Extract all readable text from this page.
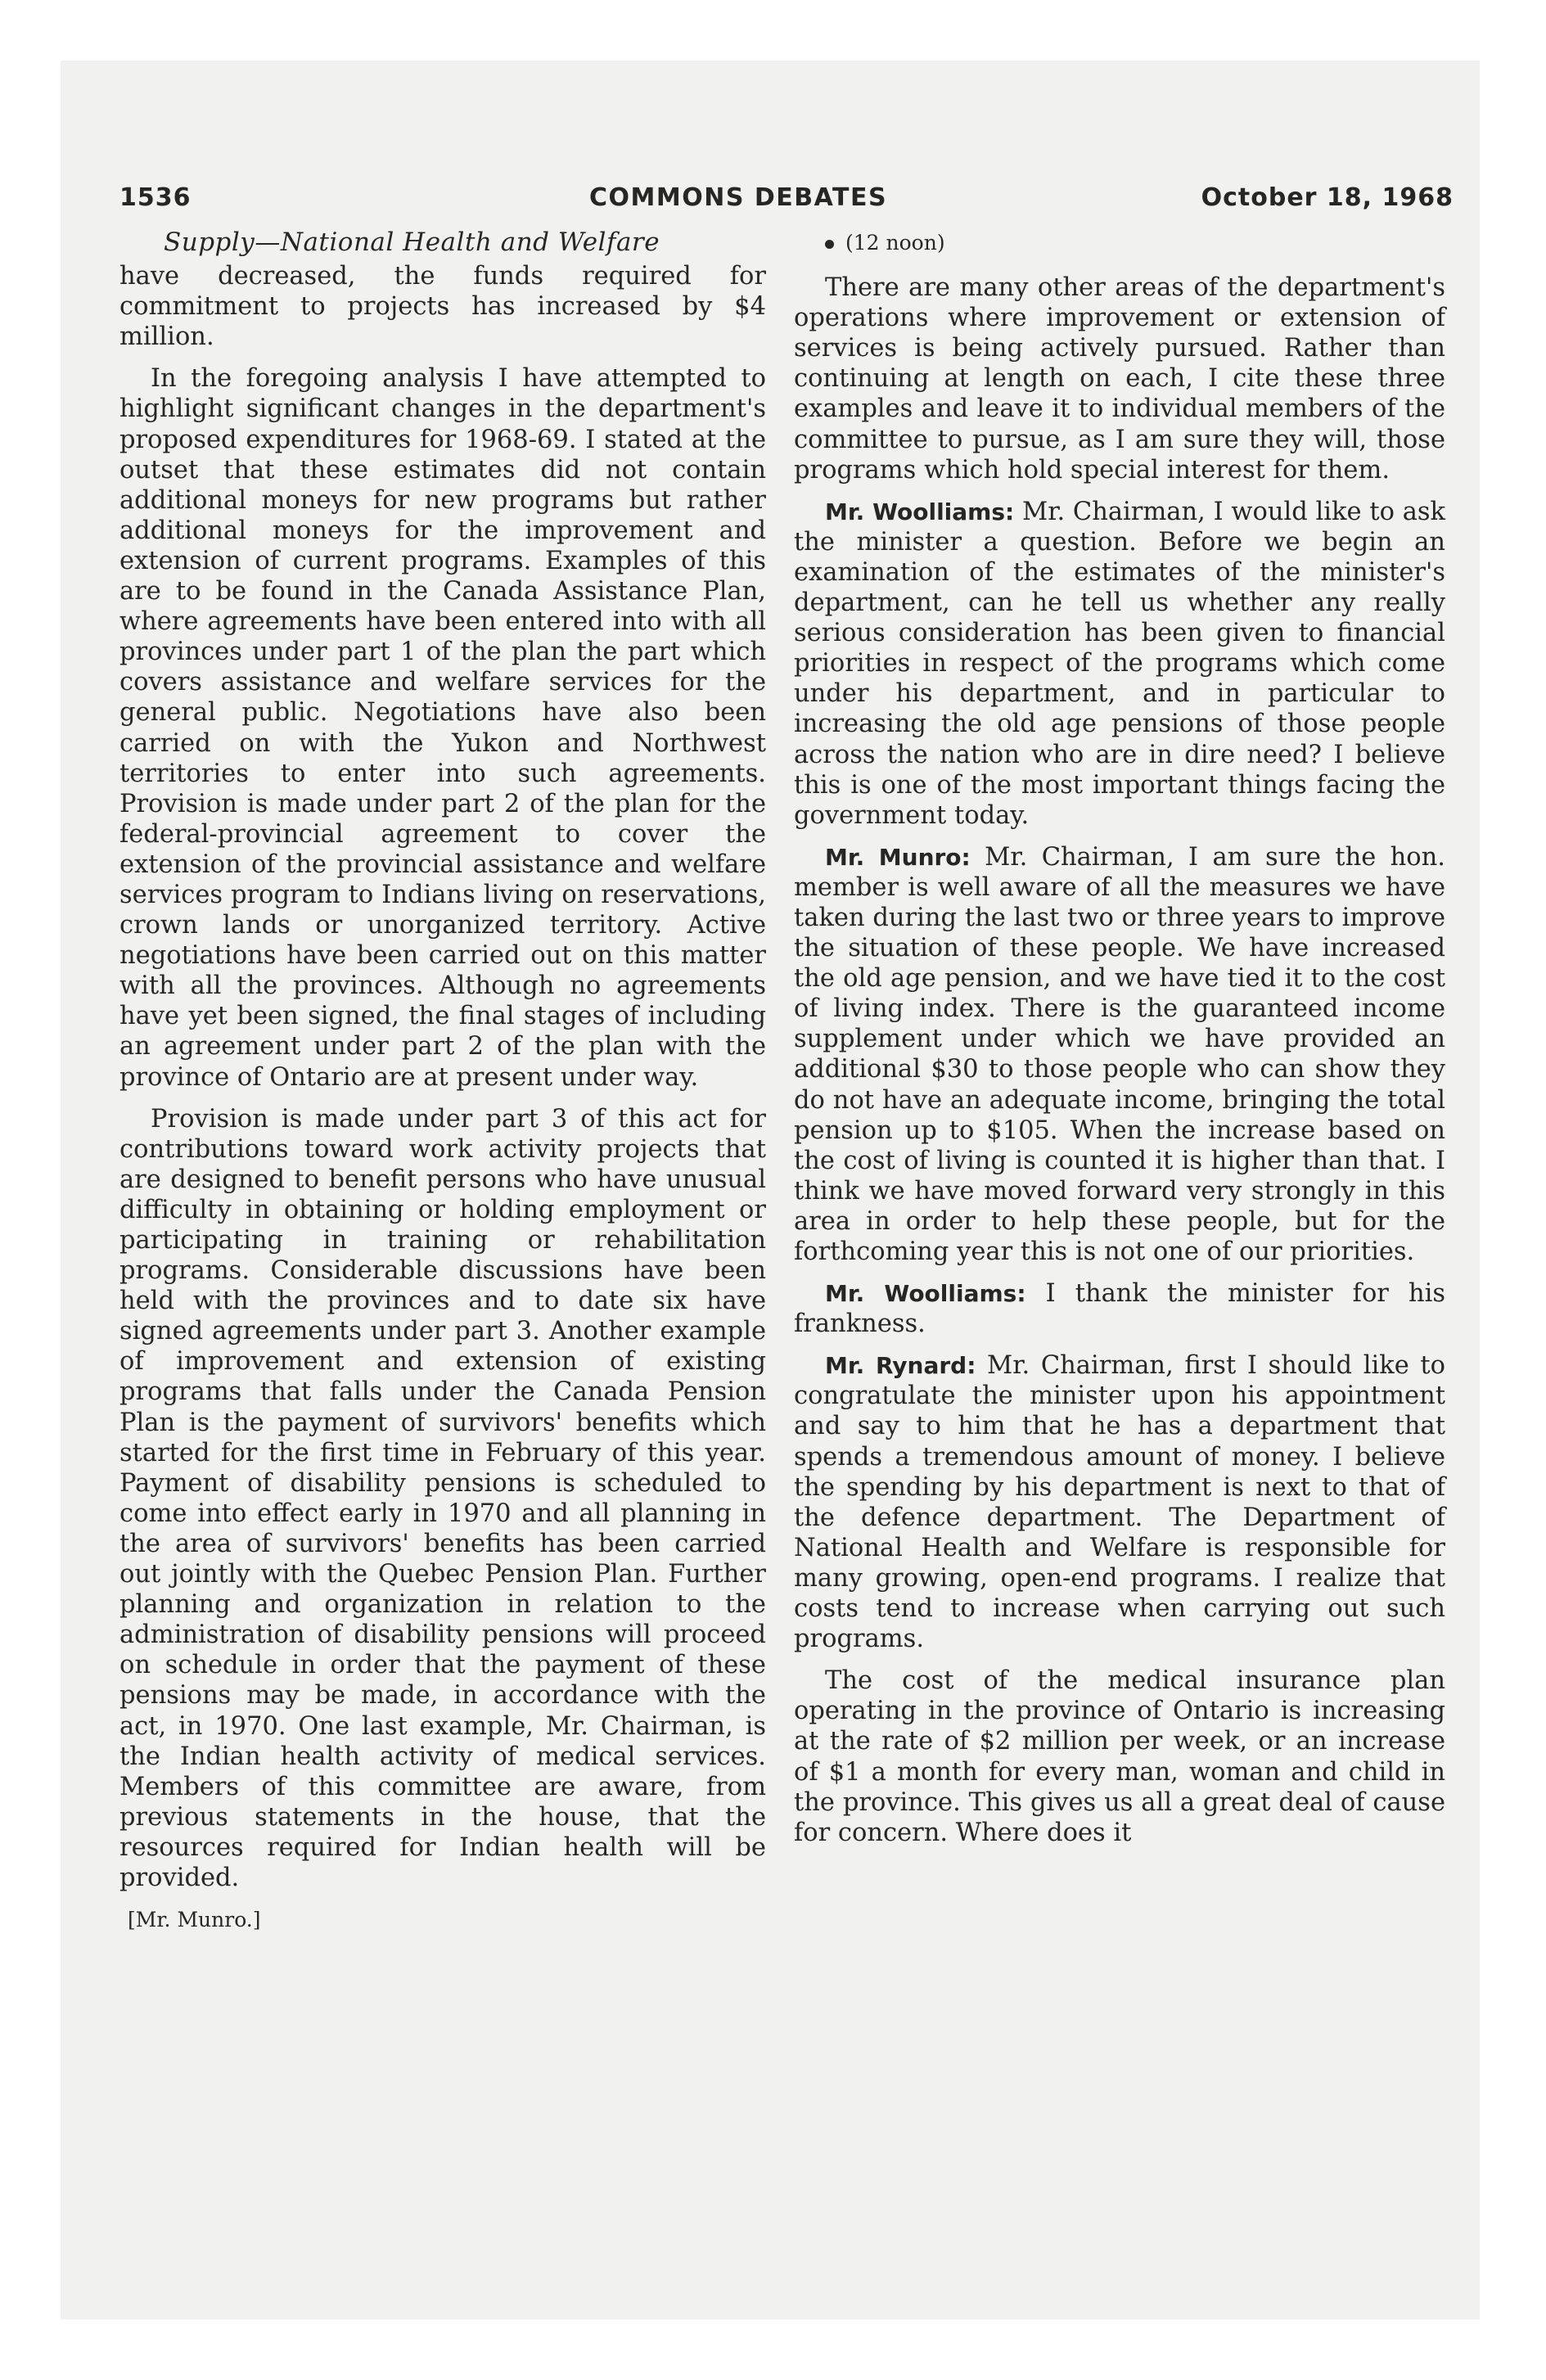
1536	COMMONS DEBATES	October 18, 1968
Supply—National Health and Welfare

have decreased, the funds required for commitment to projects has increased by $4 million.

In the foregoing analysis I have attempted to highlight significant changes in the department's proposed expenditures for 1968-69. I stated at the outset that these estimates did not contain additional moneys for new programs but rather additional moneys for the improvement and extension of current programs. Examples of this are to be found in the Canada Assistance Plan, where agreements have been entered into with all provinces under part 1 of the plan the part which covers assistance and welfare services for the general public. Negotiations have also been carried on with the Yukon and Northwest territories to enter into such agreements. Provision is made under part 2 of the plan for the federal-provincial agreement to cover the extension of the provincial assistance and welfare services program to Indians living on reservations, crown lands or unorganized territory. Active negotiations have been carried out on this matter with all the provinces. Although no agreements have yet been signed, the final stages of including an agreement under part 2 of the plan with the province of Ontario are at present under way.

Provision is made under part 3 of this act for contributions toward work activity projects that are designed to benefit persons who have unusual difficulty in obtaining or holding employment or participating in training or rehabilitation programs. Considerable discussions have been held with the provinces and to date six have signed agreements under part 3. Another example of improvement and extension of existing programs that falls under the Canada Pension Plan is the payment of survivors' benefits which started for the first time in February of this year. Payment of disability pensions is scheduled to come into effect early in 1970 and all planning in the area of survivors' benefits has been carried out jointly with the Quebec Pension Plan. Further planning and organization in relation to the administration of disability pensions will proceed on schedule in order that the payment of these pensions may be made, in accordance with the act, in 1970. One last example, Mr. Chairman, is the Indian health activity of medical services. Members of this committee are aware, from previous statements in the house, that the resources required for Indian health will be provided.

[Mr. Munro.]
(12 noon)

There are many other areas of the department's operations where improvement or extension of services is being actively pursued. Rather than continuing at length on each, I cite these three examples and leave it to individual members of the committee to pursue, as I am sure they will, those programs which hold special interest for them.

Mr. Woolliams: Mr. Chairman, I would like to ask the minister a question. Before we begin an examination of the estimates of the minister's department, can he tell us whether any really serious consideration has been given to financial priorities in respect of the programs which come under his department, and in particular to increasing the old age pensions of those people across the nation who are in dire need? I believe this is one of the most important things facing the government today.

Mr. Munro: Mr. Chairman, I am sure the hon. member is well aware of all the measures we have taken during the last two or three years to improve the situation of these people. We have increased the old age pension, and we have tied it to the cost of living index. There is the guaranteed income supplement under which we have provided an additional $30 to those people who can show they do not have an adequate income, bringing the total pension up to $105. When the increase based on the cost of living is counted it is higher than that. I think we have moved forward very strongly in this area in order to help these people, but for the forthcoming year this is not one of our priorities.

Mr. Woolliams: I thank the minister for his frankness.

Mr. Rynard: Mr. Chairman, first I should like to congratulate the minister upon his appointment and say to him that he has a department that spends a tremendous amount of money. I believe the spending by his department is next to that of the defence department. The Department of National Health and Welfare is responsible for many growing, open-end programs. I realize that costs tend to increase when carrying out such programs.

The cost of the medical insurance plan operating in the province of Ontario is increasing at the rate of $2 million per week, or an increase of $1 a month for every man, woman and child in the province. This gives us all a great deal of cause for concern. Where does it
